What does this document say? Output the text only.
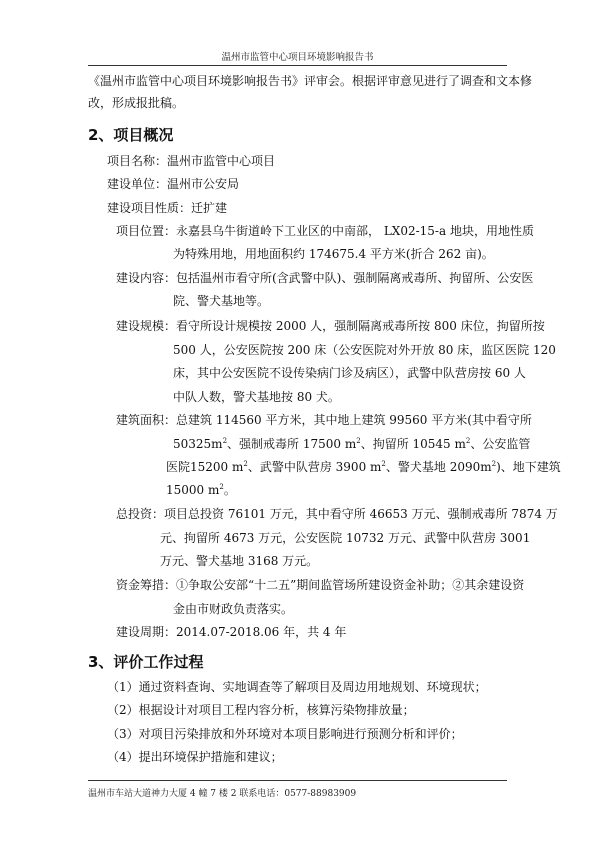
温州市监管中心项目环境影响报告书
《温州市监管中心项目环境影响报告书》评审会。根据评审意见进行了调查和文本修
改，形成报批稿。
2、项目概况
项目名称：温州市监管中心项目
建设单位：温州市公安局
建设项目性质：迁扩建
项目位置：永嘉县乌牛街道岭下工业区的中南部， LX02-15-a 地块，用地性质
为特殊用地，用地面积约 174675.4 平方米(折合 262 亩)。
建设内容：包括温州市看守所(含武警中队)、强制隔离戒毒所、拘留所、公安医
院、警犬基地等。
建设规模：看守所设计规模按 2000 人，强制隔离戒毒所按 800 床位，拘留所按
500 人，公安医院按 200 床（公安医院对外开放 80 床，监区医院 120
床，其中公安医院不设传染病门诊及病区），武警中队营房按 60 人
中队人数，警犬基地按 80 犬。
建筑面积：总建筑 114560 平方米，其中地上建筑 99560 平方米(其中看守所
$50325m^2$、强制戒毒所 17500 $m^2$、拘留所 10545 $m^2$、公安监管
医院15200 $m^2$、武警中队营房 3900 $m^2$、警犬基地 $2090m^2$)、地下建筑
15000 $m^2$。
总投资：项目总投资 76101 万元，其中看守所 46653 万元、强制戒毒所 7874 万
元、拘留所 4673 万元，公安医院 10732 万元、武警中队营房 3001
万元、警犬基地 3168 万元。
资金筹措：①争取公安部“十二五”期间监管场所建设资金补助；②其余建设资
金由市财政负责落实。
建设周期：2014.07-2018.06 年，共 4 年
3、评价工作过程
（1）通过资料查询、实地调查等了解项目及周边用地规划、环境现状；
（2）根据设计对项目工程内容分析，核算污染物排放量；
（3）对项目污染排放和外环境对本项目影响进行预测分析和评价；
（4）提出环境保护措施和建议；
温州市车站大道神力大厦 4 幢 7 楼 2 联系电话：0577-88983909
